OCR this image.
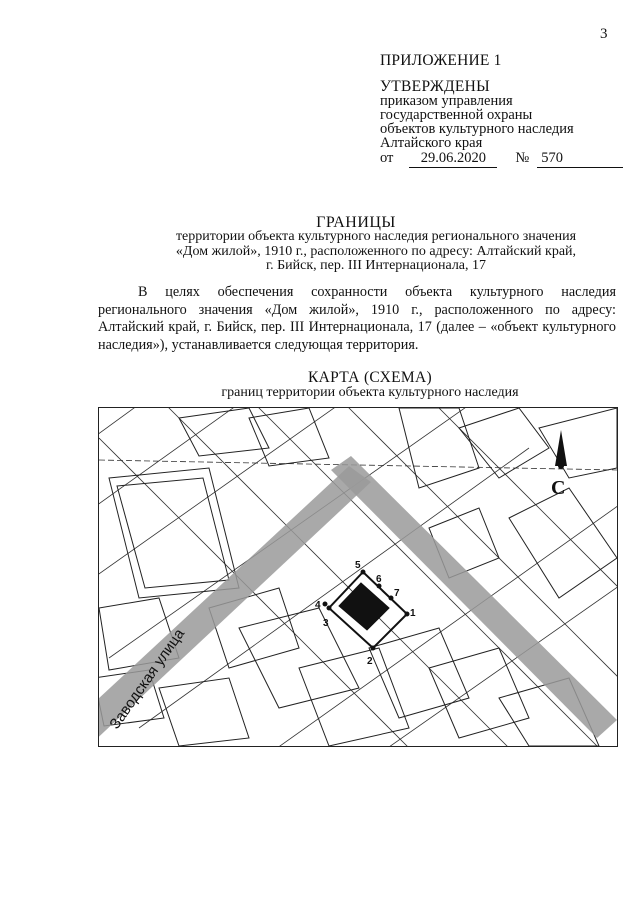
3
ПРИЛОЖЕНИЕ 1
УТВЕРЖДЕНЫ
приказом управления
государственной охраны
объектов культурного наследия
Алтайского края
от 29.06.2020 № 570
ГРАНИЦЫ
территории объекта культурного наследия регионального значения
«Дом жилой», 1910 г., расположенного по адресу: Алтайский край,
г. Бийск, пер. III Интернационала, 17
В целях обеспечения сохранности объекта культурного наследия регионального значения «Дом жилой», 1910 г., расположенного по адресу: Алтайский край, г. Бийск, пер. III Интернационала, 17 (далее – «объект культурного наследия»), устанавливается следующая территория.
КАРТА (СХЕМА)
границ территории объекта культурного наследия
Заводская улица
С
1
2
3
4
5
6
7
